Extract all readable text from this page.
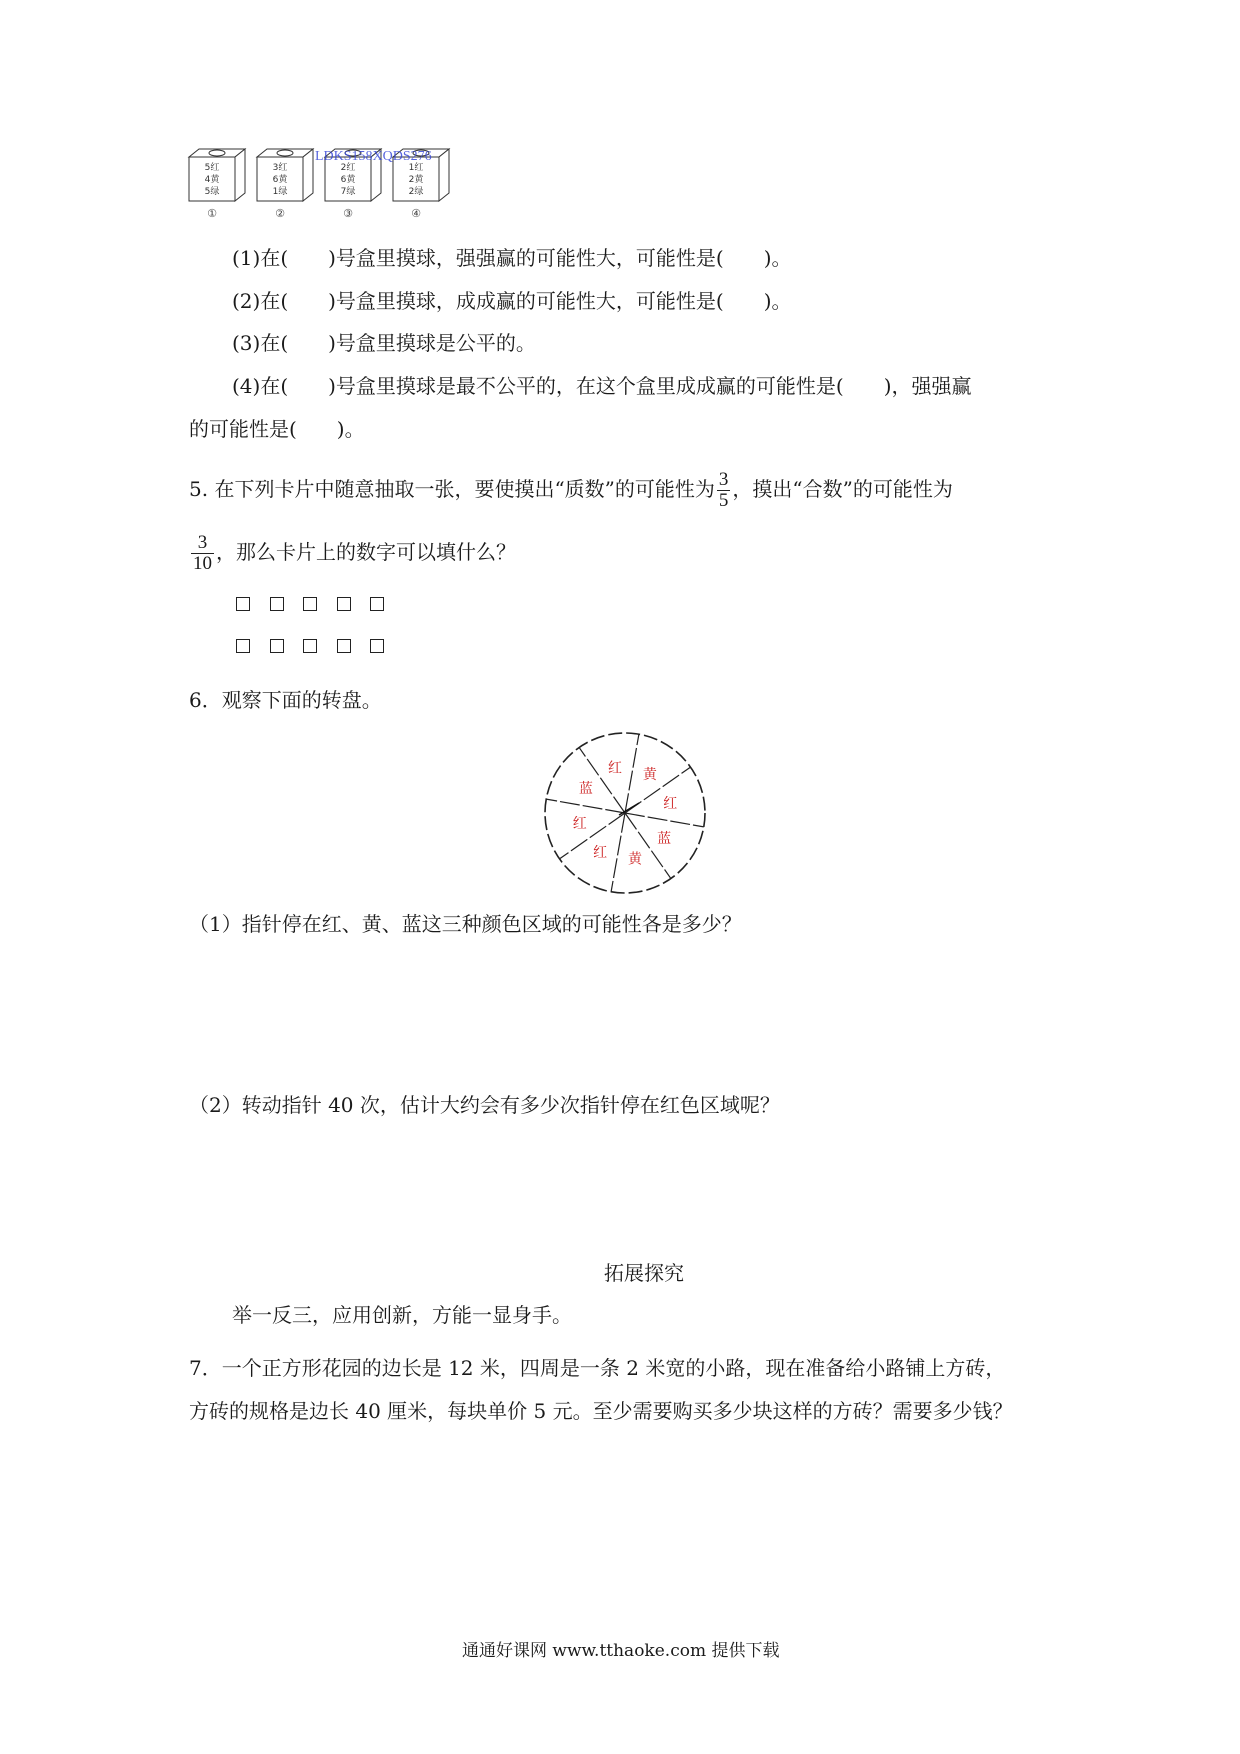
5红
4黄
5绿
①
3红
6黄
1绿
②
2红
6黄
7绿
③
1红
2黄
2绿
④
LDKS158XQDS276
(1)在(　　)号盒里摸球，强强赢的可能性大，可能性是(　　)。
(2)在(　　)号盒里摸球，成成赢的可能性大，可能性是(　　)。
(3)在(　　)号盒里摸球是公平的。
(4)在(　　)号盒里摸球是最不公平的，在这个盒里成成赢的可能性是(　　)，强强赢
的可能性是(　　)。
5. 在下列卡片中随意抽取一张，要使摸出“质数”的可能性为 $\frac{3}{5}$ ，摸出“合数”的可能性为
$\frac{3}{10}$ ，那么卡片上的数字可以填什么？
6．观察下面的转盘。
黄
红
蓝
黄
红
红
蓝
红
（1）指针停在红、黄、蓝这三种颜色区域的可能性各是多少？
（2）转动指针 40 次，估计大约会有多少次指针停在红色区域呢？
拓展探究
举一反三，应用创新，方能一显身手。
7．一个正方形花园的边长是 12 米，四周是一条 2 米宽的小路，现在准备给小路铺上方砖，
方砖的规格是边长 40 厘米，每块单价 5 元。至少需要购买多少块这样的方砖？需要多少钱？
通通好课网 www.tthaoke.com 提供下载
